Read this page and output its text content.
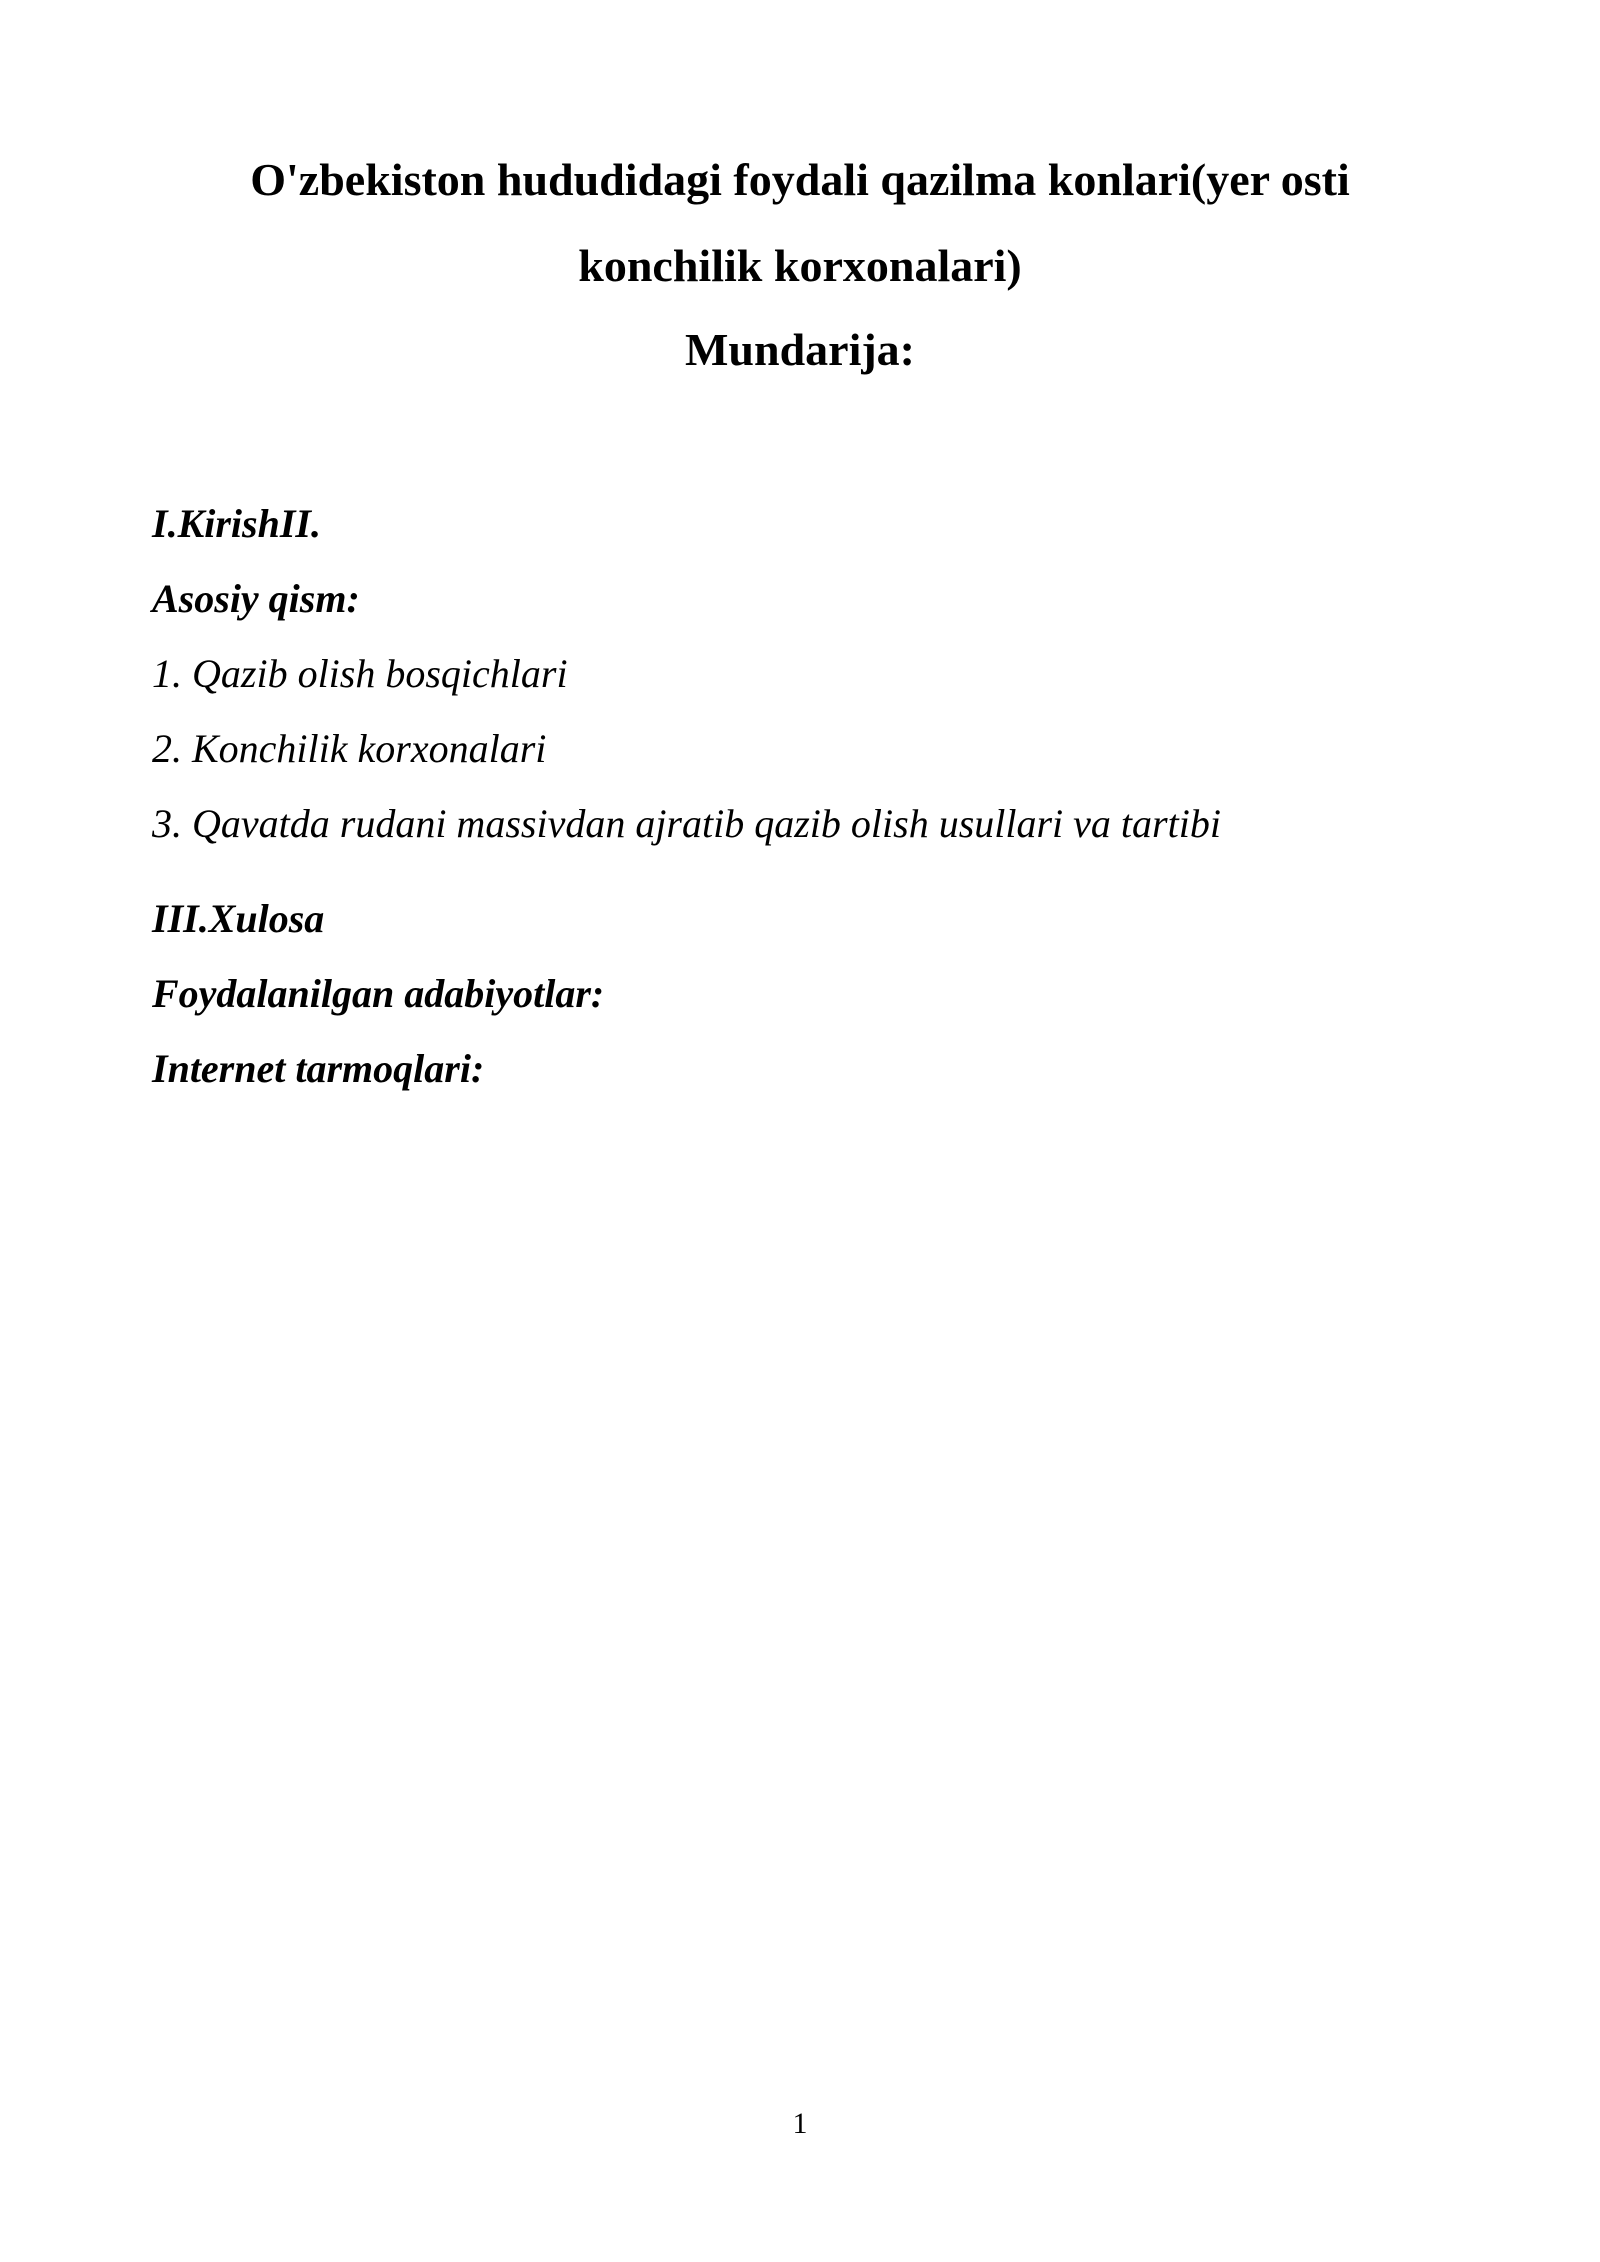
O'zbekiston hududidagi foydali qazilma konlari(yer osti
konchilik korxonalari)
Mundarija:
I.KirishII.
Asosiy qism:
1. Qazib olish bosqichlari
2. Konchilik korxonalari
3. Qavatda rudani massivdan ajratib qazib olish usullari va tartibi
III.Xulosa
Foydalanilgan adabiyotlar:
Internet tarmoqlari:
1
